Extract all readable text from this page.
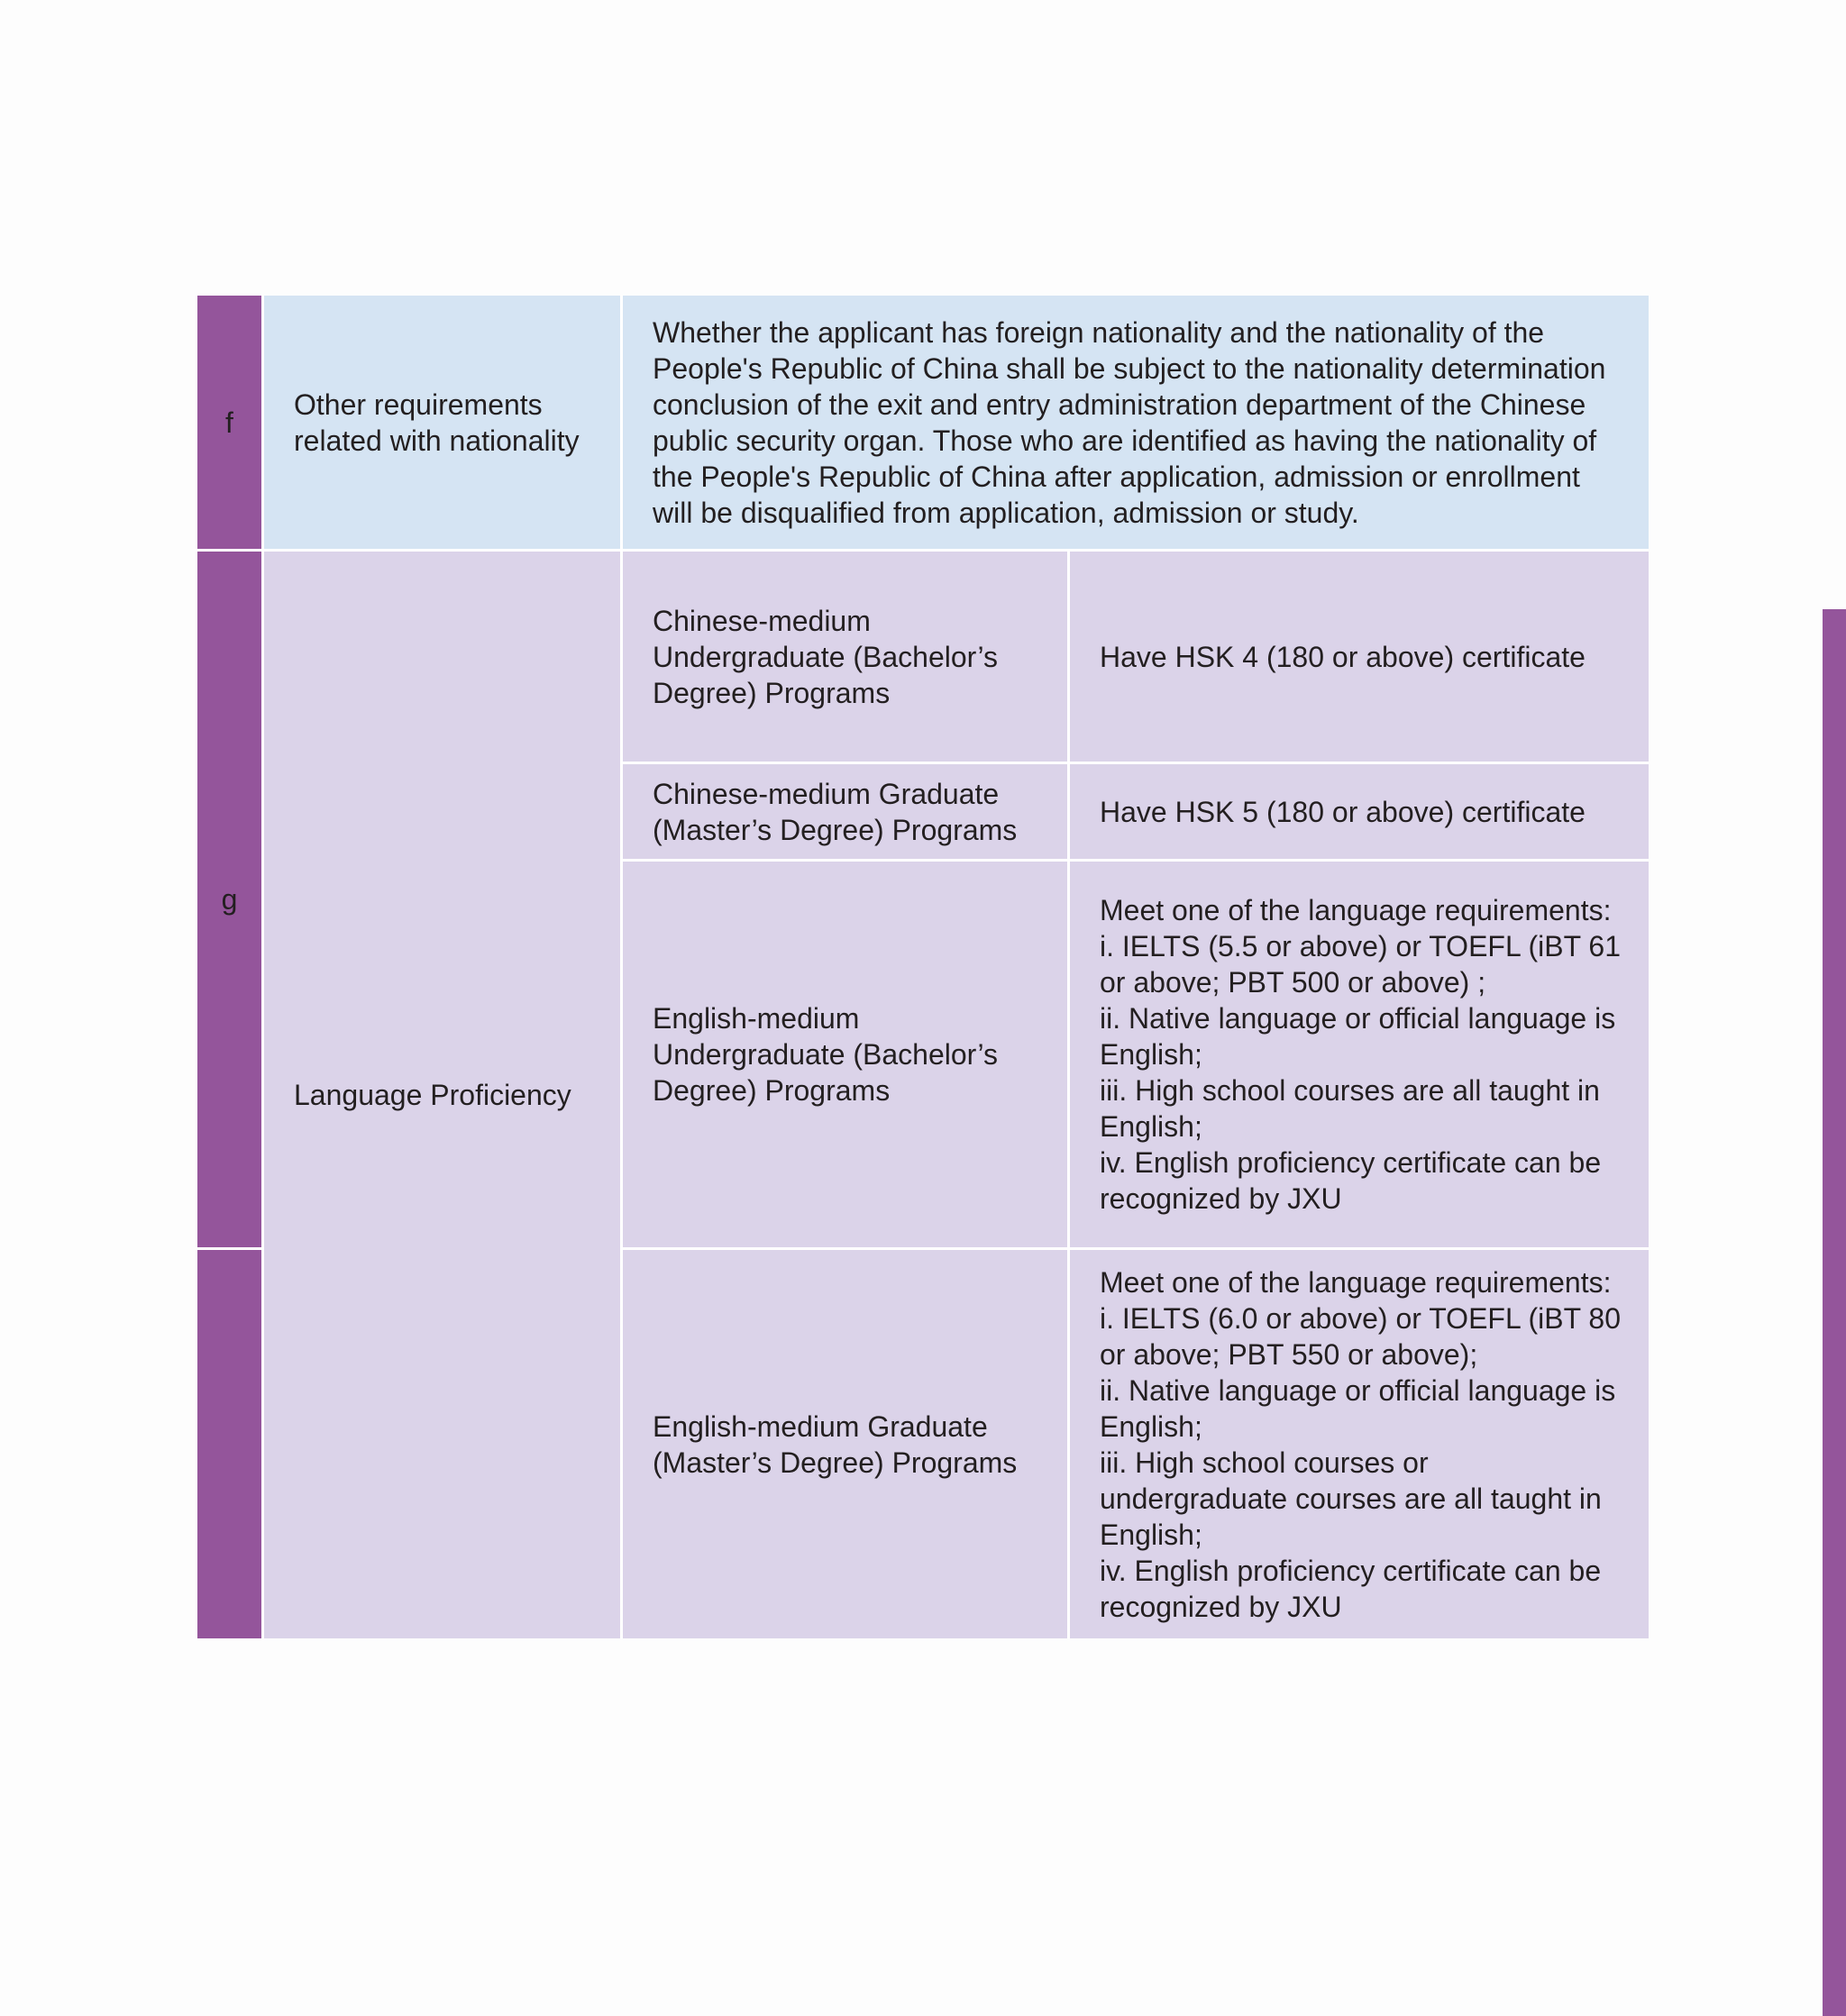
f
Other requirements related with nationality
Whether the applicant has foreign nationality and the nationality of the People's Republic of China shall be subject to the nationality determination conclusion of the exit and entry administration department of the Chinese public security organ. Those who are identified as having the nationality of the People's Republic of China after application, admission or enrollment will be disqualified from application, admission or study.
g
Language Proficiency
Chinese-medium Undergraduate (Bachelor’s Degree) Programs
Have HSK 4 (180 or above) certificate
Chinese-medium Graduate (Master’s Degree) Programs
Have HSK 5 (180 or above) certificate
English-medium Undergraduate (Bachelor’s Degree) Programs
Meet one of the language requirements:
i. IELTS (5.5 or above) or TOEFL (iBT 61 or above; PBT 500 or above) ;
ii. Native language or official language is English;
iii. High school courses are all taught in English;
iv. English proficiency certificate can be recognized by JXU
English-medium Graduate (Master’s Degree) Programs
Meet one of the language requirements:
i. IELTS (6.0 or above) or TOEFL (iBT 80 or above; PBT 550 or above);
ii. Native language or official language is English;
iii. High school courses or undergraduate courses are all taught in English;
iv. English proficiency certificate can be recognized by JXU
